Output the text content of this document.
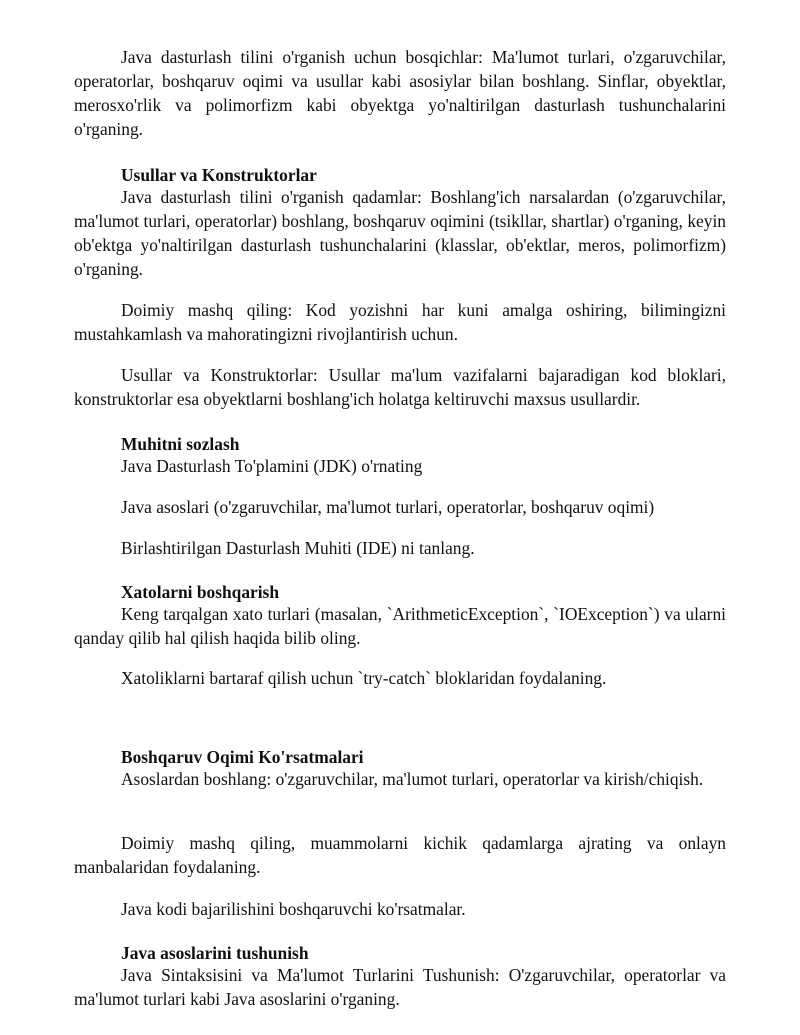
Java dasturlash tilini o'rganish uchun bosqichlar: Ma'lumot turlari, o'zgaruvchilar, operatorlar, boshqaruv oqimi va usullar kabi asosiylar bilan boshlang. Sinflar, obyektlar, merosxo'rlik va polimorfizm kabi obyektga yo'naltirilgan dasturlash tushunchalarini o'rganing.

Usullar va Konstruktorlar

Java dasturlash tilini o'rganish qadamlar: Boshlang'ich narsalardan (o'zgaruvchilar, ma'lumot turlari, operatorlar) boshlang, boshqaruv oqimini (tsikllar, shartlar) o'rganing, keyin ob'ektga yo'naltirilgan dasturlash tushunchalarini (klasslar, ob'ektlar, meros, polimorfizm) o'rganing.

Doimiy mashq qiling: Kod yozishni har kuni amalga oshiring, bilimingizni mustahkamlash va mahoratingizni rivojlantirish uchun.

Usullar va Konstruktorlar: Usullar ma'lum vazifalarni bajaradigan kod bloklari, konstruktorlar esa obyektlarni boshlang'ich holatga keltiruvchi maxsus usullardir.

Muhitni sozlash
Java Dasturlash To'plamini (JDK) o'rnating
Java asoslari (o'zgaruvchilar, ma'lumot turlari, operatorlar, boshqaruv oqimi)
Birlashtirilgan Dasturlash Muhiti (IDE) ni tanlang.
Xatolarni boshqarish

Keng tarqalgan xato turlari (masalan, `ArithmeticException`, `IOException`) va ularni qanday qilib hal qilish haqida bilib oling.

Xatoliklarni bartaraf qilish uchun `try-catch` bloklaridan foydalaning.
Boshqaruv Oqimi Ko'rsatmalari

Asoslardan boshlang: o'zgaruvchilar, ma'lumot turlari, operatorlar va kirish/chiqish.

Doimiy mashq qiling, muammolarni kichik qadamlarga ajrating va onlayn manbalaridan foydalaning.

Java kodi bajarilishini boshqaruvchi ko'rsatmalar.
Java asoslarini tushunish

Java Sintaksisini va Ma'lumot Turlarini Tushunish: O'zgaruvchilar, operatorlar va ma'lumot turlari kabi Java asoslarini o'rganing.
